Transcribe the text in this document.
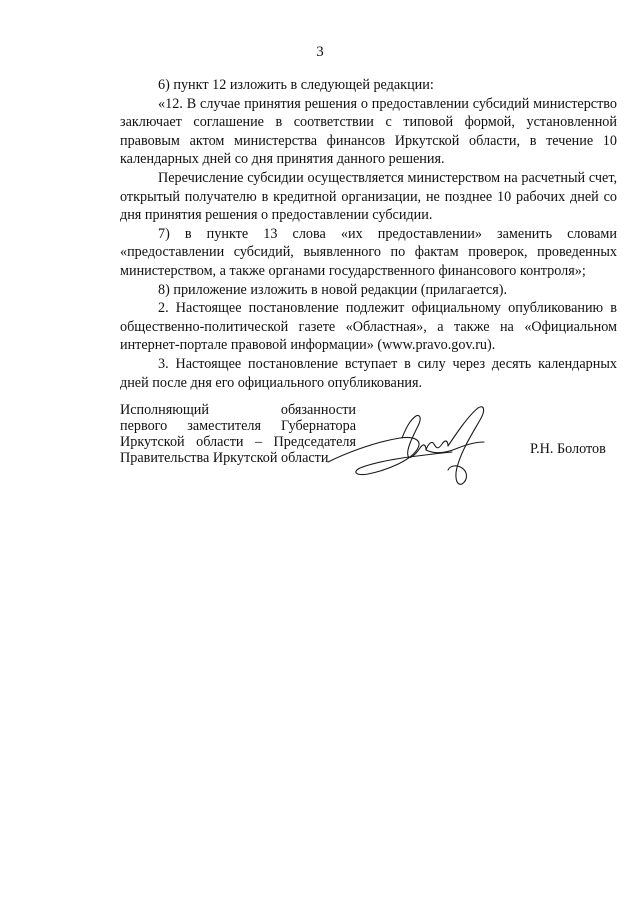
3

6) пункт 12 изложить в следующей редакции:

«12. В случае принятия решения о предоставлении субсидий министерство заключает соглашение в соответствии с типовой формой, установленной правовым актом министерства финансов Иркутской области, в течение 10 календарных дней со дня принятия данного решения.

Перечисление субсидии осуществляется министерством на расчетный счет, открытый получателю в кредитной организации, не позднее 10 рабочих дней со дня принятия решения о предоставлении субсидии.

7) в пункте 13 слова «их предоставлении» заменить словами «предоставлении субсидий, выявленного по фактам проверок, проведенных министерством, а также органами государственного финансового контроля»;

8) приложение изложить в новой редакции (прилагается).

2. Настоящее постановление подлежит официальному опубликованию в общественно-политической газете «Областная», а также на «Официальном интернет-портале правовой информации» (www.pravo.gov.ru).

3. Настоящее постановление вступает в силу через десять календарных дней после дня его официального опубликования.

Исполняющий обязанности
первого заместителя Губернатора
Иркутской области – Председателя
Правительства Иркутской области
Р.Н. Болотов
